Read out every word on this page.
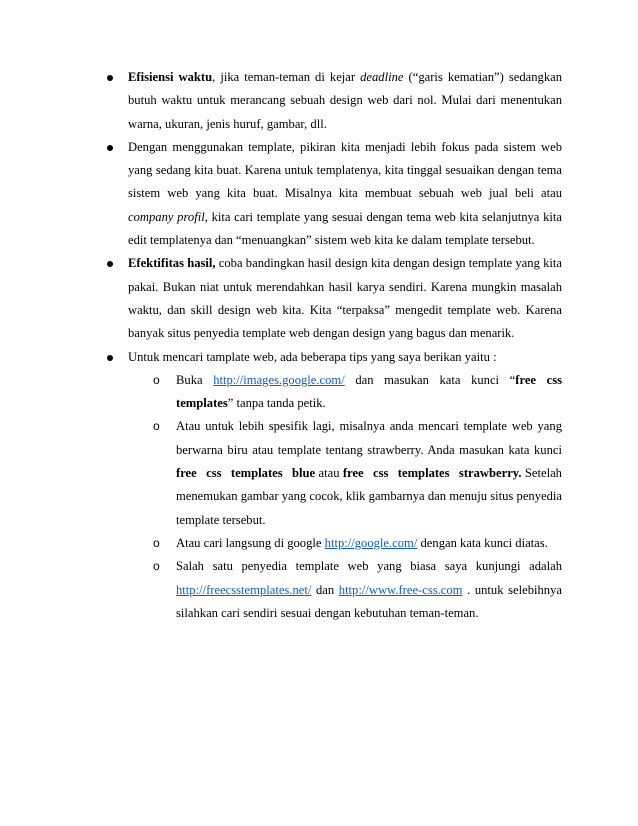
Efisiensi waktu, jika teman-teman di kejar deadline (“garis kematian”) sedangkan butuh waktu untuk merancang sebuah design web dari nol. Mulai dari menentukan warna, ukuran, jenis huruf, gambar, dll.

Dengan menggunakan template, pikiran kita menjadi lebih fokus pada sistem web yang sedang kita buat. Karena untuk templatenya, kita tinggal sesuaikan dengan tema sistem web yang kita buat. Misalnya kita membuat sebuah web jual beli atau company profil, kita cari template yang sesuai dengan tema web kita selanjutnya kita edit templatenya dan “menuangkan” sistem web kita ke dalam template tersebut.

Efektifitas hasil, coba bandingkan hasil design kita dengan design template yang kita pakai. Bukan niat untuk merendahkan hasil karya sendiri. Karena mungkin masalah waktu, dan skill design web kita. Kita “terpaksa” mengedit template web. Karena banyak situs penyedia template web dengan design yang bagus dan menarik.

Untuk mencari tamplate web, ada beberapa tips yang saya berikan yaitu :

o Buka http://images.google.com/ dan masukan kata kunci “free css templates” tanpa tanda petik.

o Atau untuk lebih spesifik lagi, misalnya anda mencari template web yang berwarna biru atau template tentang strawberry. Anda masukan kata kunci free css templates blue atau free css templates strawberry. Setelah menemukan gambar yang cocok, klik gambarnya dan menuju situs penyedia template tersebut.

o Atau cari langsung di google http://google.com/ dengan kata kunci diatas.

o Salah satu penyedia template web yang biasa saya kunjungi adalah http://freecsstemplates.net/ dan http://www.free-css.com . untuk selebihnya silahkan cari sendiri sesuai dengan kebutuhan teman-teman.
